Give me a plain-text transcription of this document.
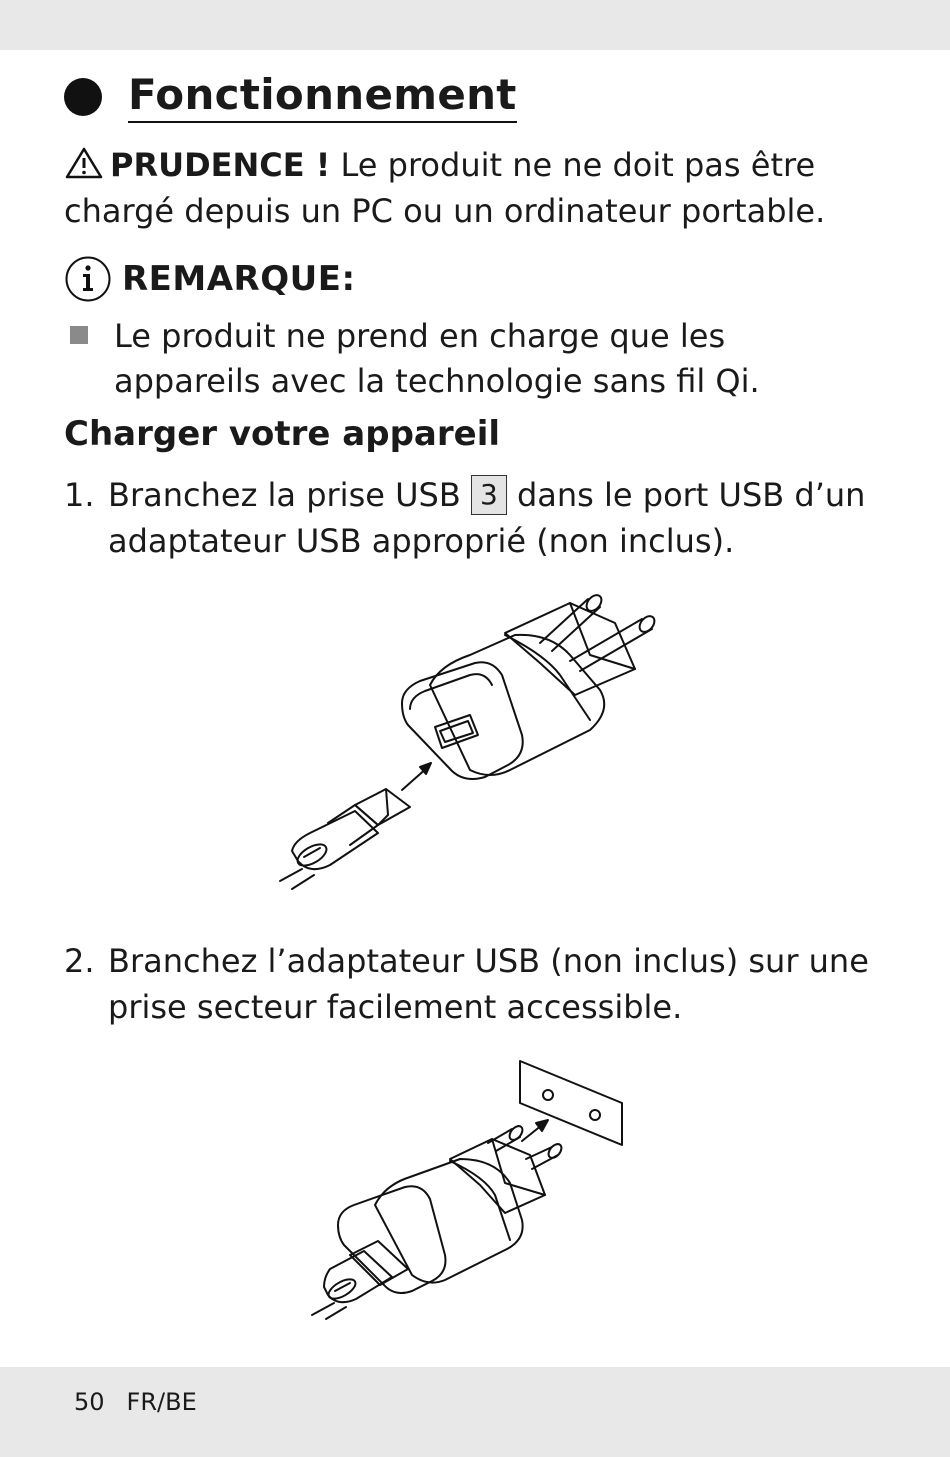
Fonctionnement
PRUDENCE ! Le produit ne ne doit pas être chargé depuis un PC ou un ordinateur portable.
REMARQUE:
Le produit ne prend en charge que les appareils avec la technologie sans fil Qi.
Charger votre appareil
1. Branchez la prise USB 3 dans le port USB d’un adaptateur USB approprié (non inclus).
2. Branchez l’adaptateur USB (non inclus) sur une prise secteur facilement accessible.
50 FR/BE
